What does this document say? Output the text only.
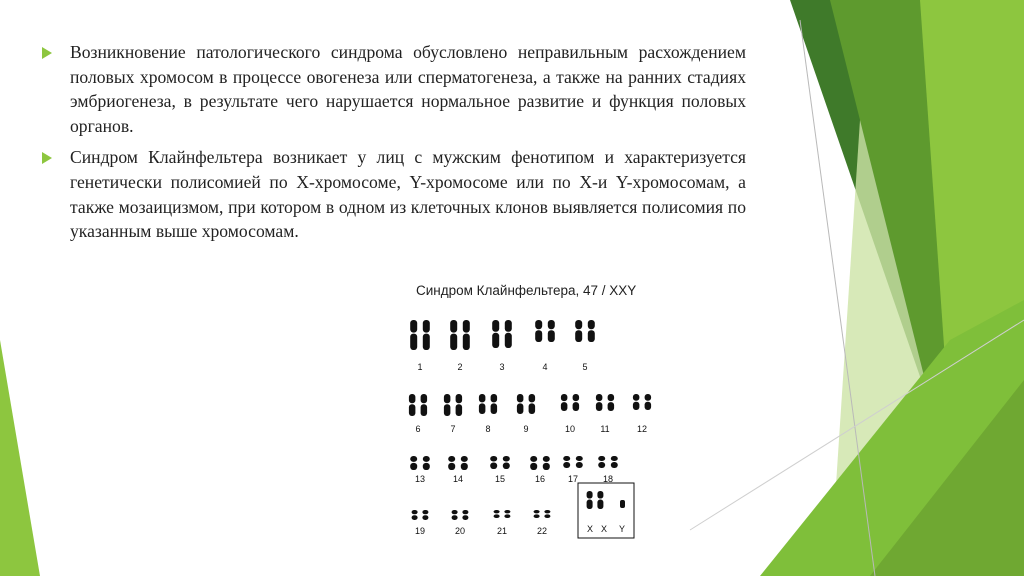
Возникновение патологического синдрома обусловлено неправильным расхождением половых хромосом в процессе овогенеза или сперматогенеза, а также на ранних стадиях эмбриогенеза, в результате чего нарушается нормальное развитие и функция половых органов.
Синдром Клайнфельтера возникает у лиц с мужским фенотипом и характеризуется генетически полисомией по Х-хромосоме, Y-хромосоме или по Х-и Y-хромосомам, а также мозаицизмом, при котором в одном из клеточных клонов выявляется полисомия по указанным выше хромосомам.
Синдром Клайнфельтера, 47 / XXY
1	2	3	4	5
6	7	8	9	10	11	12
13	14	15	16	17	18
19	20	21	22	X X Y
